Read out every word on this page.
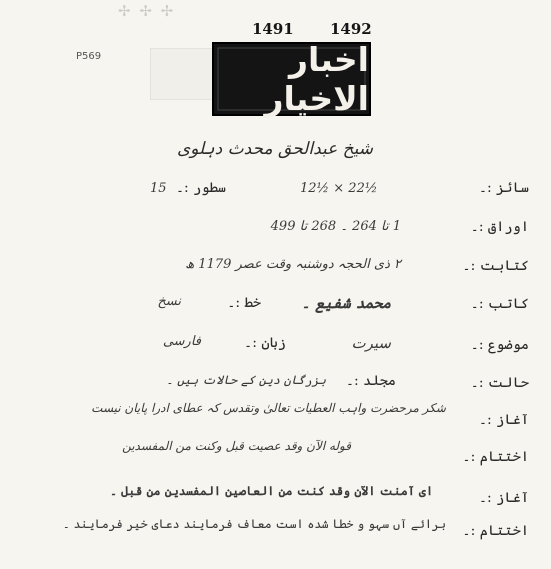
✢ ✢ ✢
1491 1492
P569	اخبار الاخیار
شیخ عبدالحق محدث دہلوی
سائز :۔
12½ × 22½
سطور :۔
15
اوراق :۔
1 تا 264 ۔ 268 تا 499
کتابت :۔
۲ ذی الحجہ دوشنبہ وقت عصر 1179 ھ
کاتب :۔
محمد شفیع ۔
خط :۔
نسخ
موضوع :۔
سیرت
زبان :۔
فارسی
حالت :۔
مجلد :۔
بزرگان دین کے حالات ہیں ۔
آغاز :۔
شکر مرحضرت واہب العطیات تعالیٰ وتقدس کہ عطای ادرا پایان نیست
اختتام :۔
قوله الآن وقد عصیت قبل وکنت من المفسدین
آغاز :۔
ای آمنت الآن وقد کنت من العاصین المفسدین من قبل ۔
اختتام :۔
برائے آں سہو و خطا شدہ است معاف فرمایند دعای خیر فرمایند ۔
